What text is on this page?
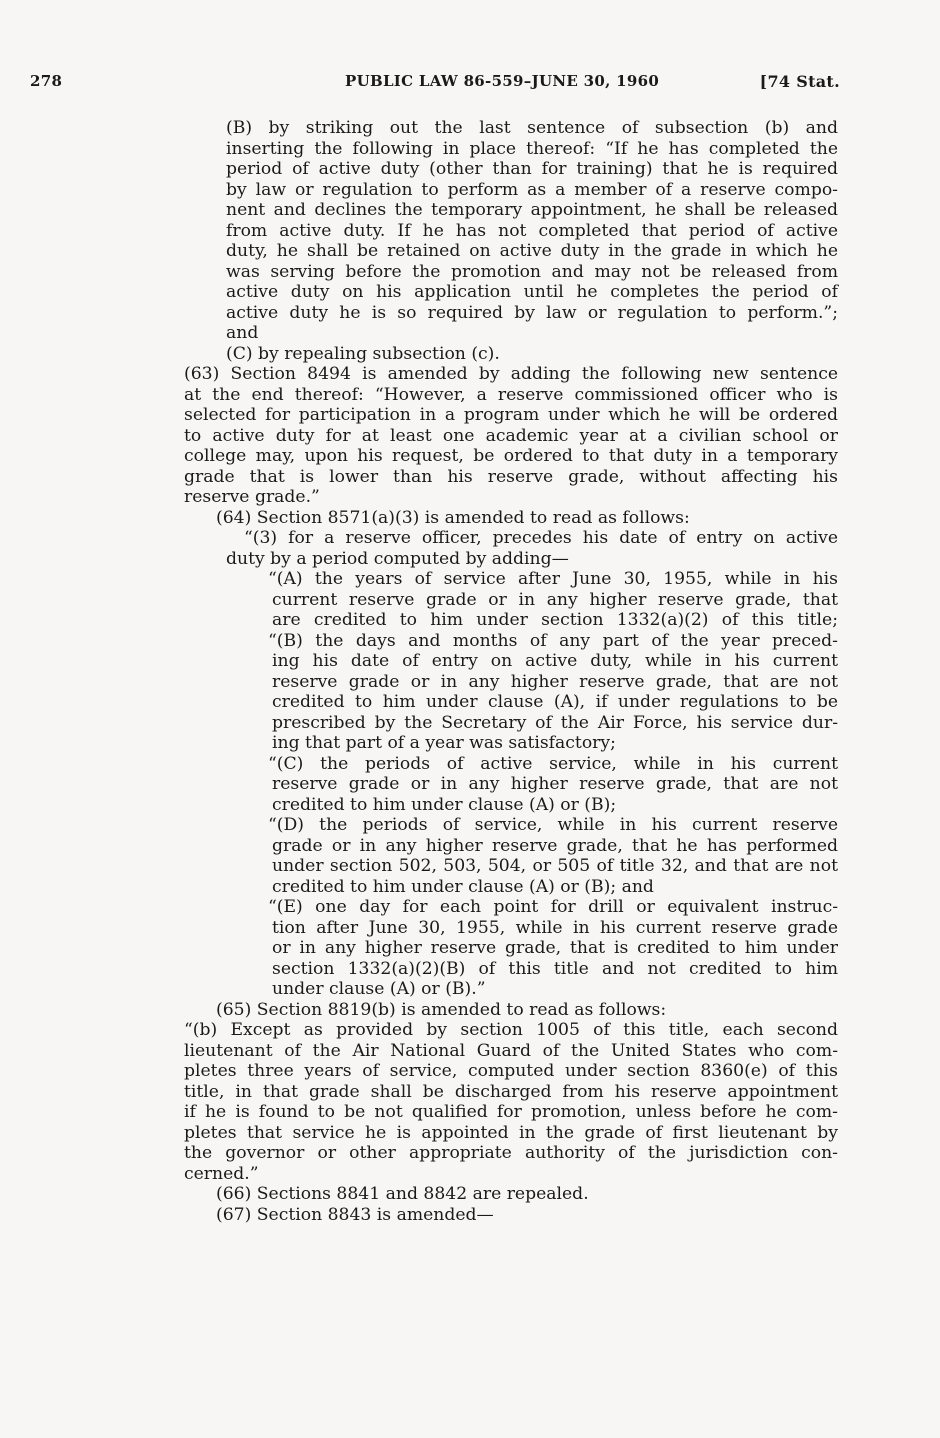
278	PUBLIC LAW 86-559–JUNE 30, 1960	[74 Stat.
(B) by striking out the last sentence of subsection (b) and
inserting the following in place thereof: “If he has completed the
period of active duty (other than for training) that he is required
by law or regulation to perform as a member of a reserve compo-
nent and declines the temporary appointment, he shall be released
from active duty. If he has not completed that period of active
duty, he shall be retained on active duty in the grade in which he
was serving before the promotion and may not be released from
active duty on his application until he completes the period of
active duty he is so required by law or regulation to perform.”;
and
(C) by repealing subsection (c).
(63) Section 8494 is amended by adding the following new sentence
at the end thereof: “However, a reserve commissioned officer who is
selected for participation in a program under which he will be ordered
to active duty for at least one academic year at a civilian school or
college may, upon his request, be ordered to that duty in a temporary
grade that is lower than his reserve grade, without affecting his
reserve grade.”
(64) Section 8571(a)(3) is amended to read as follows:
“(3) for a reserve officer, precedes his date of entry on active
duty by a period computed by adding—
“(A) the years of service after June 30, 1955, while in his
current reserve grade or in any higher reserve grade, that
are credited to him under section 1332(a)(2) of this title;
“(B) the days and months of any part of the year preced-
ing his date of entry on active duty, while in his current
reserve grade or in any higher reserve grade, that are not
credited to him under clause (A), if under regulations to be
prescribed by the Secretary of the Air Force, his service dur-
ing that part of a year was satisfactory;
“(C) the periods of active service, while in his current
reserve grade or in any higher reserve grade, that are not
credited to him under clause (A) or (B);
“(D) the periods of service, while in his current reserve
grade or in any higher reserve grade, that he has performed
under section 502, 503, 504, or 505 of title 32, and that are not
credited to him under clause (A) or (B); and
“(E) one day for each point for drill or equivalent instruc-
tion after June 30, 1955, while in his current reserve grade
or in any higher reserve grade, that is credited to him under
section 1332(a)(2)(B) of this title and not credited to him
under clause (A) or (B).”
(65) Section 8819(b) is amended to read as follows:
“(b) Except as provided by section 1005 of this title, each second
lieutenant of the Air National Guard of the United States who com-
pletes three years of service, computed under section 8360(e) of this
title, in that grade shall be discharged from his reserve appointment
if he is found to be not qualified for promotion, unless before he com-
pletes that service he is appointed in the grade of first lieutenant by
the governor or other appropriate authority of the jurisdiction con-
cerned.”
(66) Sections 8841 and 8842 are repealed.
(67) Section 8843 is amended—
